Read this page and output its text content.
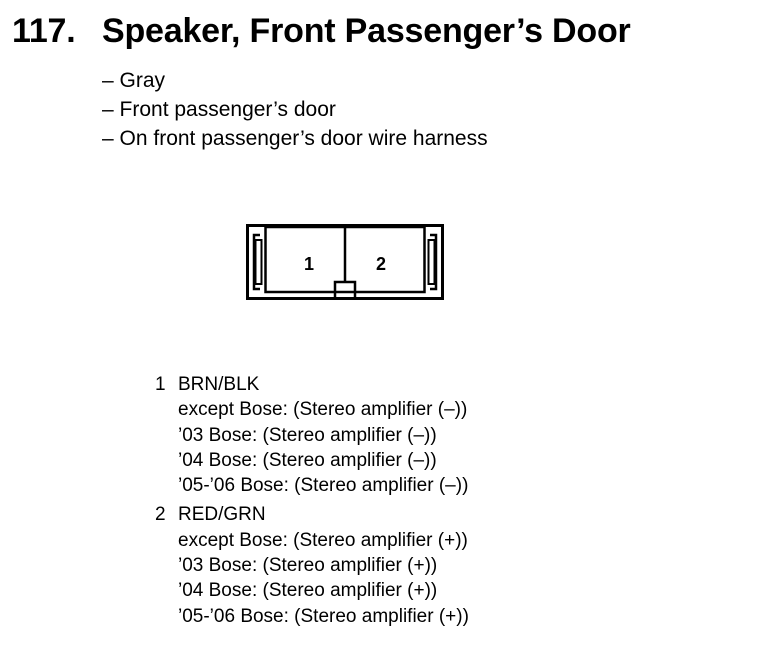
117. Speaker, Front Passenger’s Door
– Gray
– Front passenger’s door
– On front passenger’s door wire harness
1	2
1 BRN/BLK
except Bose: (Stereo amplifier (–))
’03 Bose: (Stereo amplifier (–))
’04 Bose: (Stereo amplifier (–))
’05-’06 Bose: (Stereo amplifier (–))
2 RED/GRN
except Bose: (Stereo amplifier (+))
’03 Bose: (Stereo amplifier (+))
’04 Bose: (Stereo amplifier (+))
’05-’06 Bose: (Stereo amplifier (+))
